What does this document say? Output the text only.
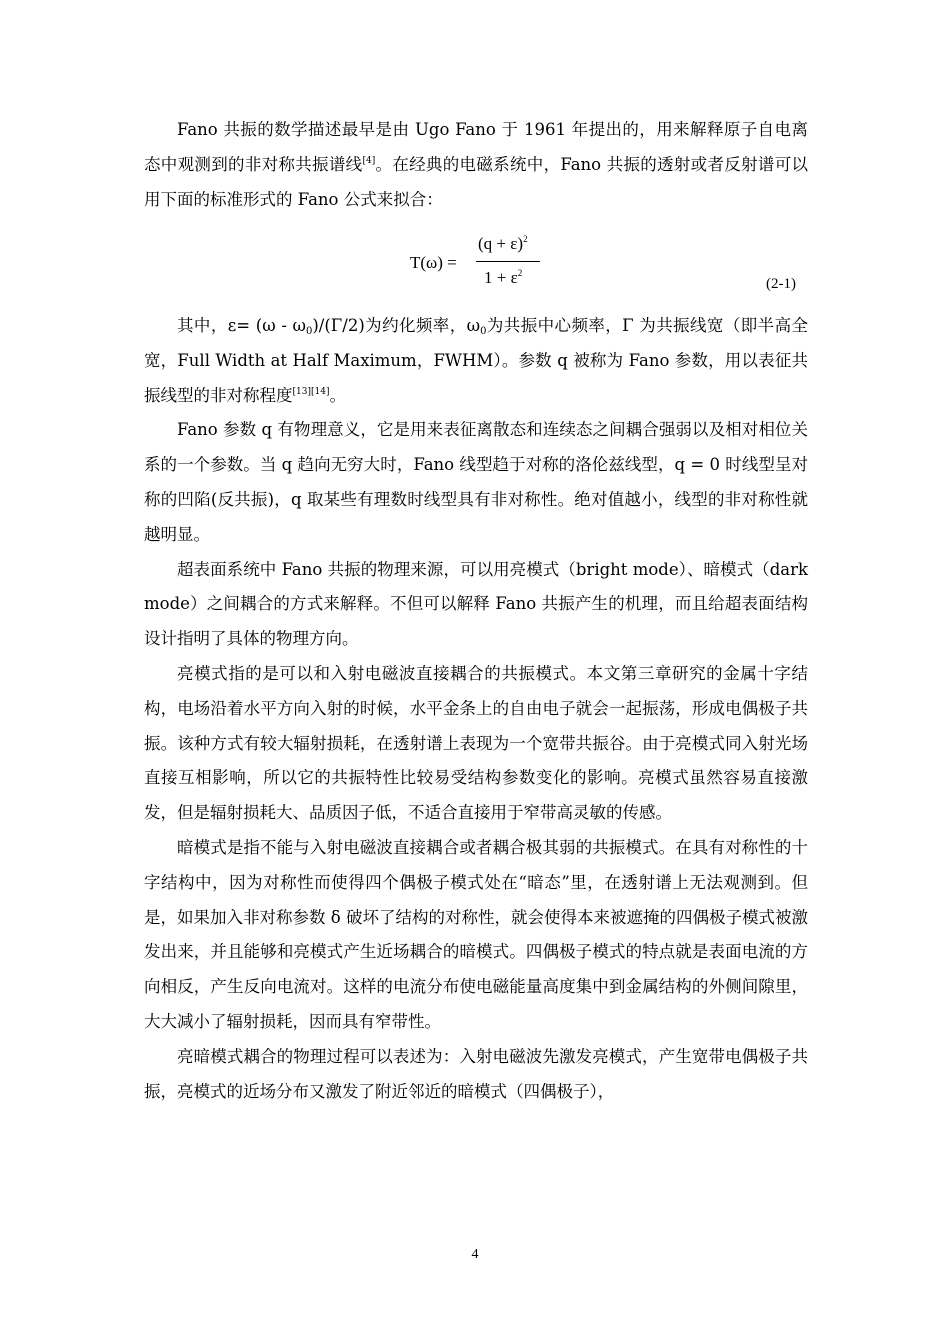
Fano 共振的数学描述最早是由 Ugo Fano 于 1961 年提出的，用来解释原子自电离态中观测到的非对称共振谱线[4]。在经典的电磁系统中，Fano 共振的透射或者反射谱可以用下面的标准形式的 Fano 公式来拟合：

T(ω) =
$(q + \varepsilon)^2$
$1 + \varepsilon^2$
(2-1)

其中，$\varepsilon= (\omega - \omega_0)/(\Gamma/2)$为约化频率，$\omega_0$为共振中心频率，Γ 为共振线宽（即半高全宽，Full Width at Half Maximum，FWHM）。参数 q 被称为 Fano 参数，用以表征共振线型的非对称程度[13][14]。

Fano 参数 q 有物理意义，它是用来表征离散态和连续态之间耦合强弱以及相对相位关系的一个参数。当 q 趋向无穷大时，Fano 线型趋于对称的洛伦兹线型，q = 0 时线型呈对称的凹陷(反共振)，q 取某些有理数时线型具有非对称性。绝对值越小，线型的非对称性就越明显。

超表面系统中 Fano 共振的物理来源，可以用亮模式（bright mode）、暗模式（dark mode）之间耦合的方式来解释。不但可以解释 Fano 共振产生的机理，而且给超表面结构设计指明了具体的物理方向。

亮模式指的是可以和入射电磁波直接耦合的共振模式。本文第三章研究的金属十字结构，电场沿着水平方向入射的时候，水平金条上的自由电子就会一起振荡，形成电偶极子共振。该种方式有较大辐射损耗，在透射谱上表现为一个宽带共振谷。由于亮模式同入射光场直接互相影响，所以它的共振特性比较易受结构参数变化的影响。亮模式虽然容易直接激发，但是辐射损耗大、品质因子低，不适合直接用于窄带高灵敏的传感。

暗模式是指不能与入射电磁波直接耦合或者耦合极其弱的共振模式。在具有对称性的十字结构中，因为对称性而使得四个偶极子模式处在“暗态”里，在透射谱上无法观测到。但是，如果加入非对称参数 δ 破坏了结构的对称性，就会使得本来被遮掩的四偶极子模式被激发出来，并且能够和亮模式产生近场耦合的暗模式。四偶极子模式的特点就是表面电流的方向相反，产生反向电流对。这样的电流分布使电磁能量高度集中到金属结构的外侧间隙里，大大减小了辐射损耗，因而具有窄带性。

亮暗模式耦合的物理过程可以表述为：入射电磁波先激发亮模式，产生宽带电偶极子共振，亮模式的近场分布又激发了附近邻近的暗模式（四偶极子），

4
